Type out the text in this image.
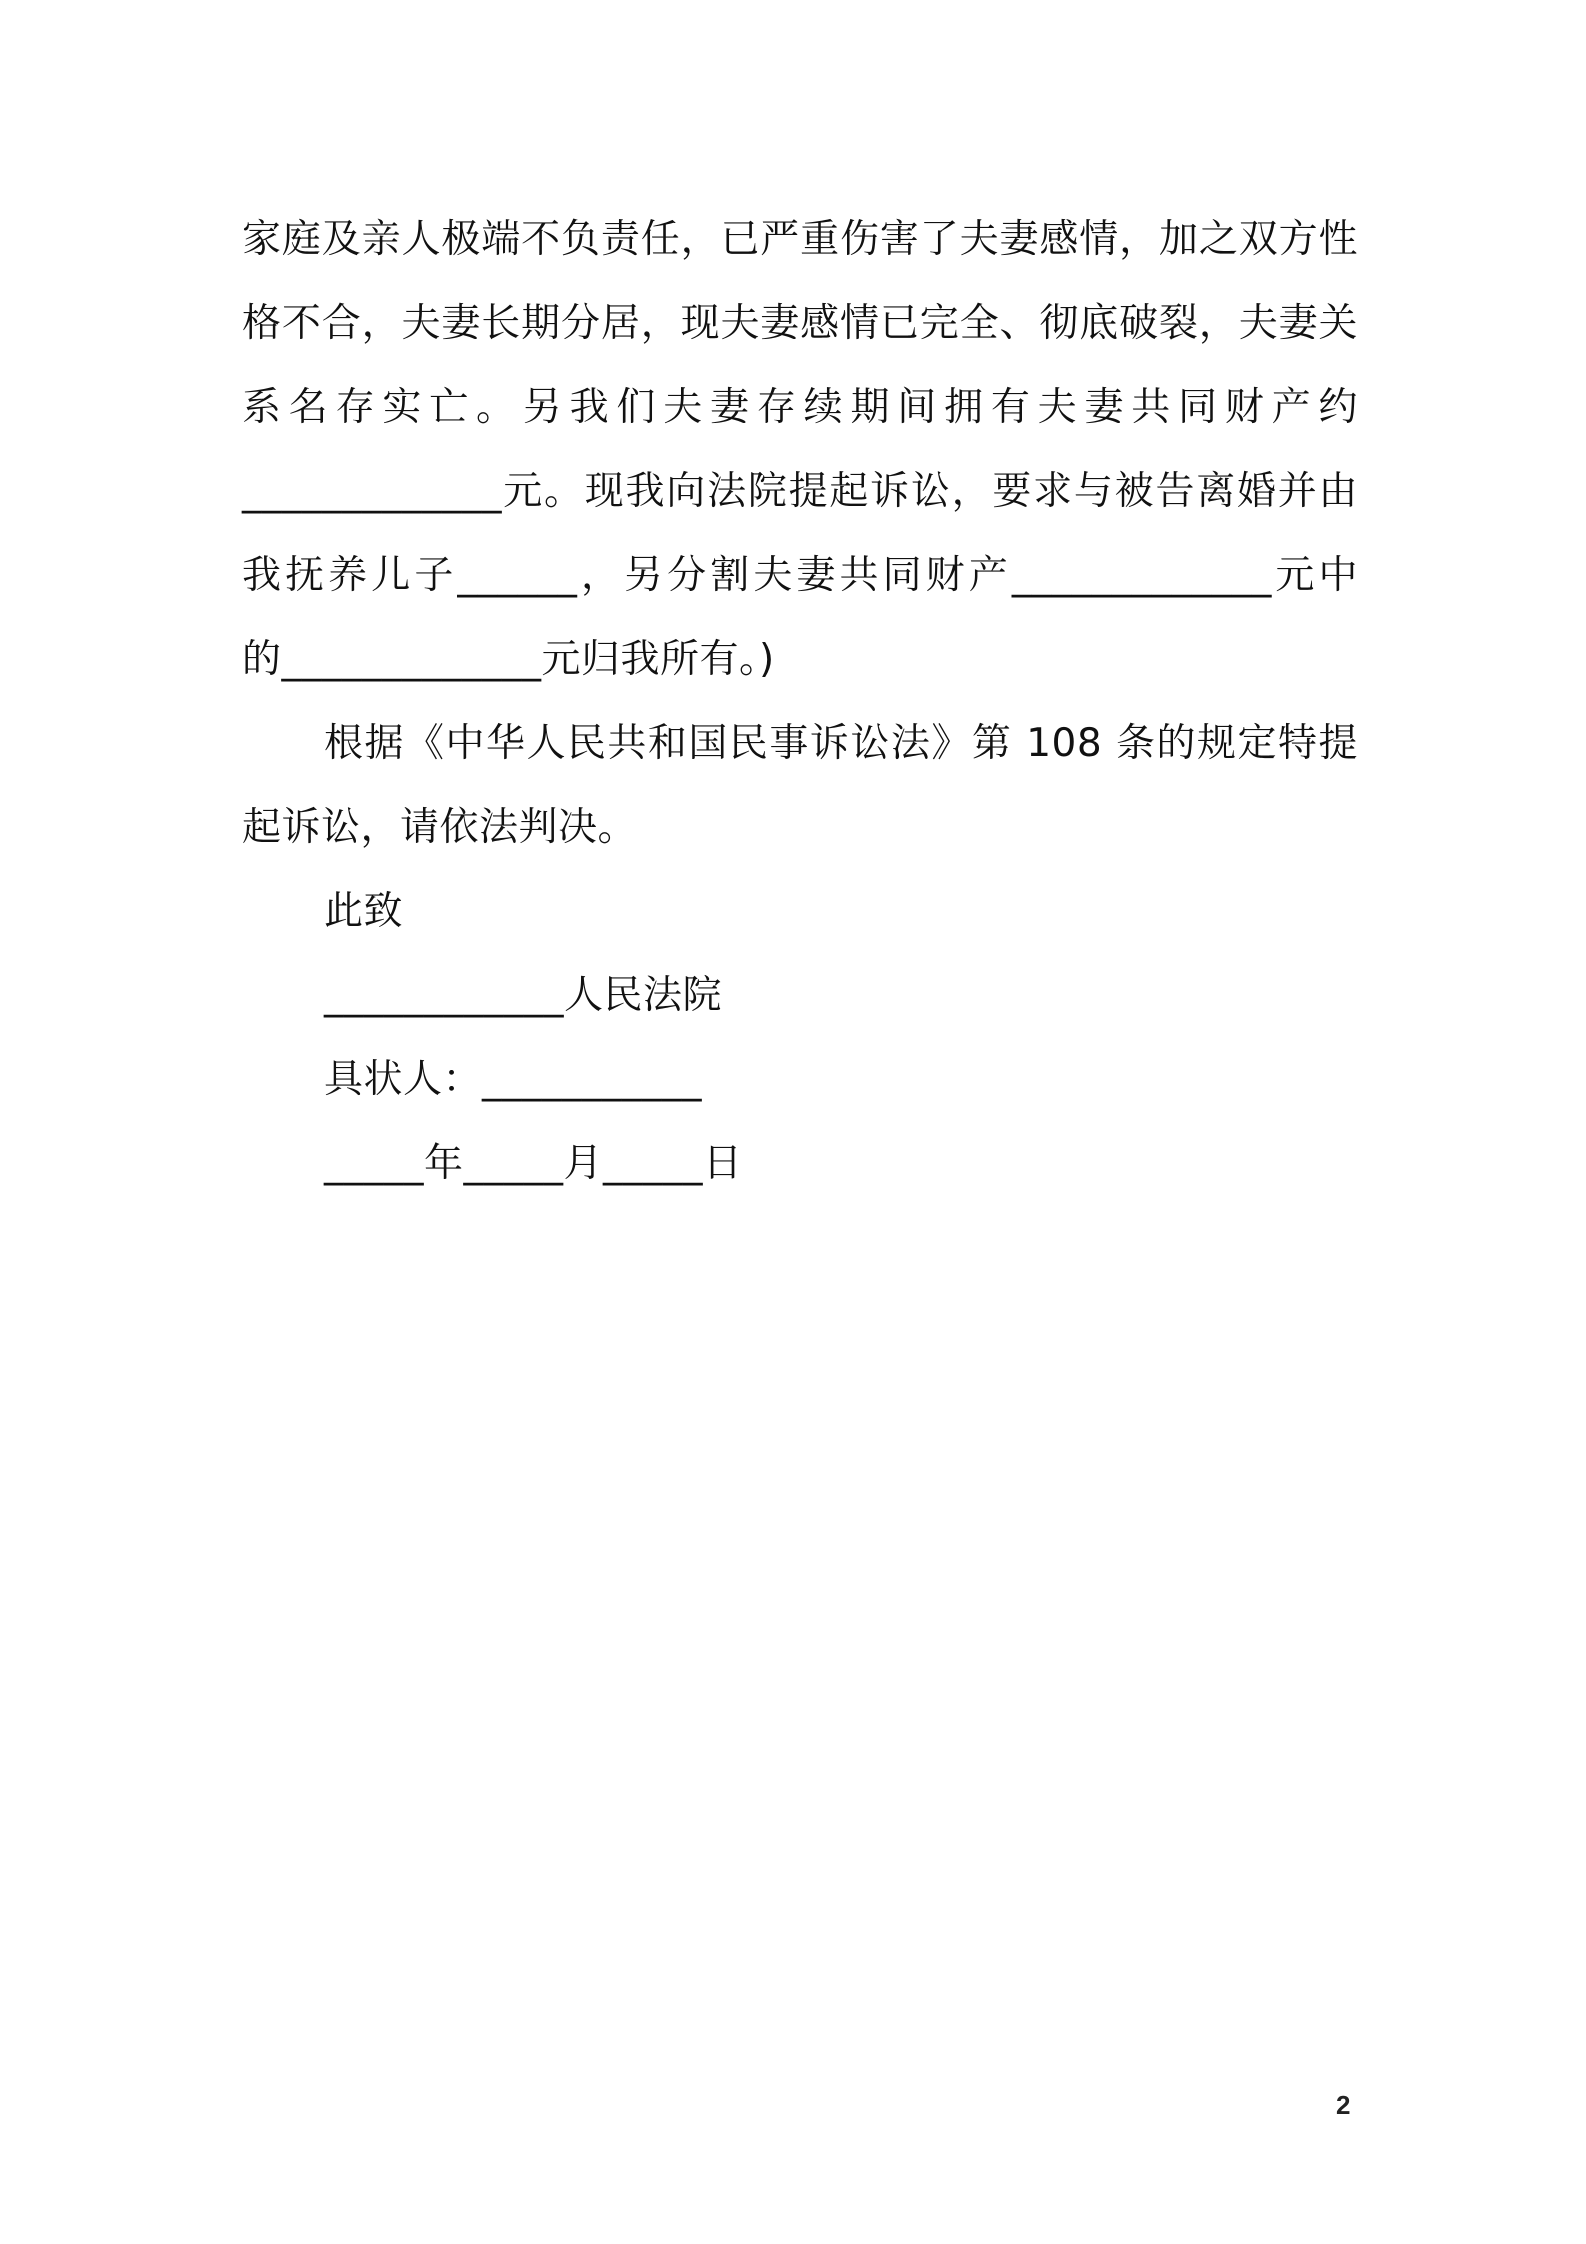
家庭及亲人极端不负责任，已严重伤害了夫妻感情，加之双方性
格不合，夫妻长期分居，现夫妻感情已完全、彻底破裂，夫妻关
系名存实亡。另我们夫妻存续期间拥有夫妻共同财产约
_____________元。现我向法院提起诉讼，要求与被告离婚并由
我抚养儿子______，另分割夫妻共同财产_____________元中
的_____________元归我所有。)
根据《中华人民共和国民事诉讼法》第 108 条的规定特提
起诉讼，请依法判决。
此致
____________人民法院
具状人：___________
_____年_____月_____日
2
